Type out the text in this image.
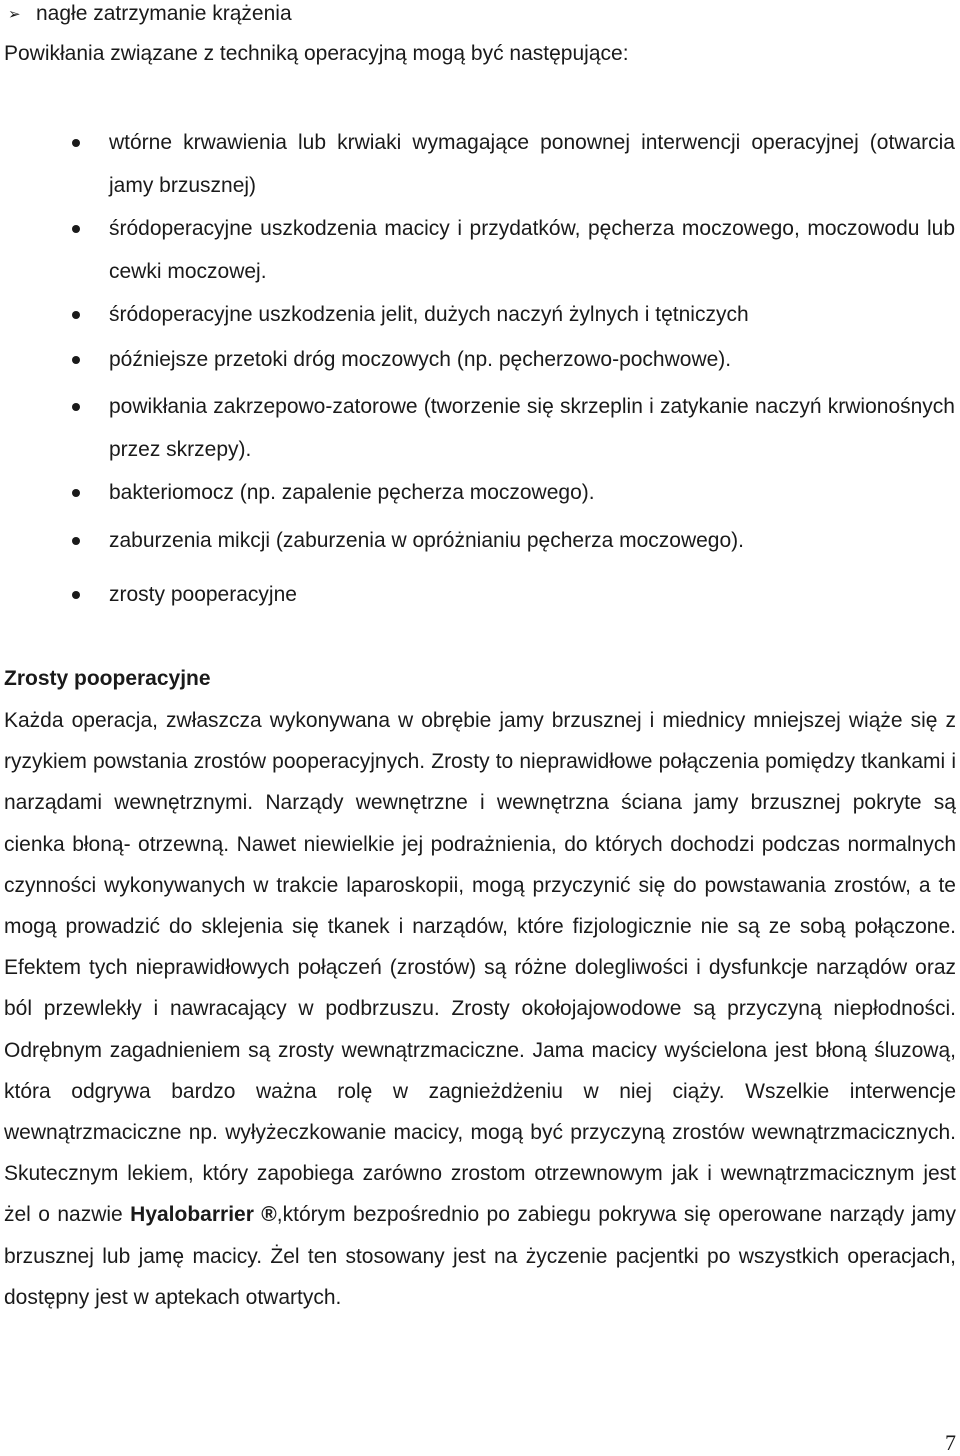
➢ nagłe zatrzymanie krążenia
Powikłania związane z techniką operacyjną mogą być następujące:
wtórne krwawienia lub krwiaki wymagające ponownej interwencji operacyjnej (otwarcia jamy brzusznej)
śródoperacyjne uszkodzenia macicy i przydatków, pęcherza moczowego, moczowodu lub cewki moczowej.
śródoperacyjne uszkodzenia jelit, dużych naczyń żylnych i tętniczych
późniejsze przetoki dróg moczowych (np. pęcherzowo-pochwowe).
powikłania zakrzepowo-zatorowe (tworzenie się skrzeplin i zatykanie naczyń krwionośnych przez skrzepy).
bakteriomocz (np. zapalenie pęcherza moczowego).
zaburzenia mikcji (zaburzenia w opróżnianiu pęcherza moczowego).
zrosty pooperacyjne
Zrosty pooperacyjne

Każda operacja, zwłaszcza wykonywana w obrębie jamy brzusznej i miednicy mniejszej wiąże się z ryzykiem powstania zrostów pooperacyjnych. Zrosty to nieprawidłowe połączenia pomiędzy tkankami i narządami wewnętrznymi. Narządy wewnętrzne i wewnętrzna ściana jamy brzusznej pokryte są cienka błoną- otrzewną. Nawet niewielkie jej podrażnienia, do których dochodzi podczas normalnych czynności wykonywanych w trakcie laparoskopii, mogą przyczynić się do powstawania zrostów, a te mogą prowadzić do sklejenia się tkanek i narządów, które fizjologicznie nie są ze sobą połączone. Efektem tych nieprawidłowych połączeń (zrostów) są różne dolegliwości i dysfunkcje narządów oraz ból przewlekły i nawracający w podbrzuszu. Zrosty okołojajowodowe są przyczyną niepłodności. Odrębnym zagadnieniem są zrosty wewnątrzmaciczne. Jama macicy wyścielona jest błoną śluzową, która odgrywa bardzo ważna rolę w zagnieżdżeniu w niej ciąży. Wszelkie interwencje wewnątrzmaciczne np. wyłyżeczkowanie macicy, mogą być przyczyną zrostów wewnątrzmacicznych. Skutecznym lekiem, który zapobiega zarówno zrostom otrzewnowym jak i wewnątrzmacicznym jest żel o nazwie Hyalobarrier ®,którym bezpośrednio po zabiegu pokrywa się operowane narządy jamy brzusznej lub jamę macicy. Żel ten stosowany jest na życzenie pacjentki po wszystkich operacjach, dostępny jest w aptekach otwartych.

7
